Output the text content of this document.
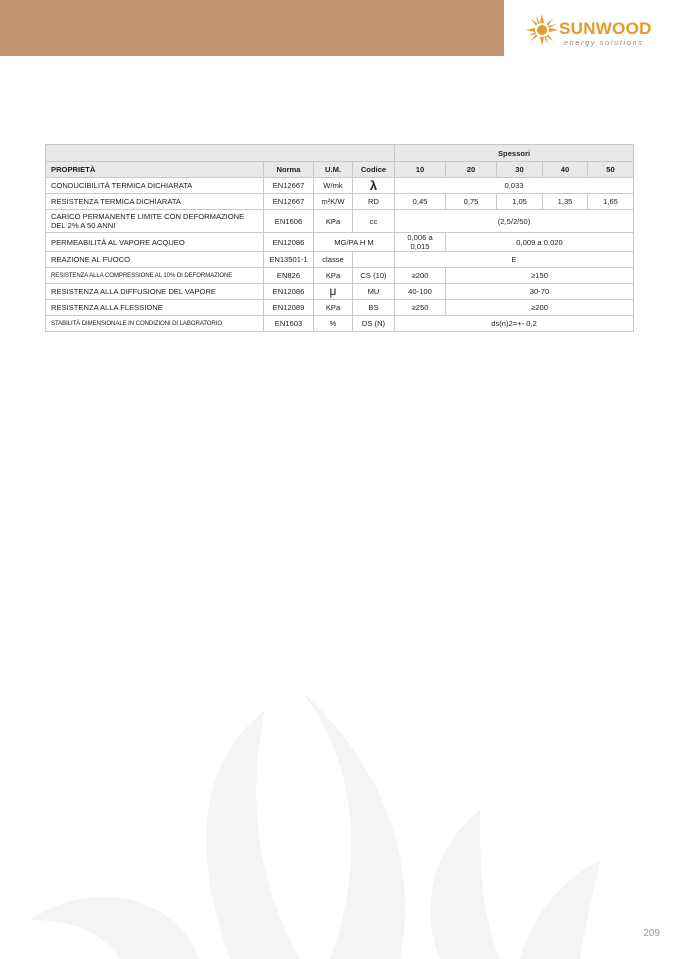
SUNWOOD
energy solutions
				Spessori				
PROPRIETÀ	Norma	U.M.	Codice	10	20	30	40	50
CONDUCIBILITÀ TERMICA DICHIARATA	EN12667	W/mk	λ	0,033				
RESISTENZA TERMICA DICHIARATA	EN12667	m²K/W	RD	0,45	0,75	1,05	1,35	1,65
CARICO PERMANENTE LIMITE CON DEFORMAZIONE DEL 2% A 50 ANNI	EN1606	KPa	cc	(2,5/2/50)				
PERMEABILITÀ AL VAPORE ACQUEO	EN12086	MG/PA H M		0,006 a 0,015	0,009 a 0,020			
REAZIONE AL FUOCO	EN13501-1	classe		E				
RESISTENZA ALLA COMPRESSIONE AL 10% DI DEFORMAZIONE	EN826	KPa	CS (10)	≥200	≥150			
RESISTENZA ALLA DIFFUSIONE DEL VAPORE	EN12086	μ	MU	40-100	30-70			
RESISTENZA ALLA FLESSIONE	EN12089	KPa	BS	≥250	≥200			
STABILITÀ DIMENSIONALE IN CONDIZIONI DI LABORATORIO	EN1603	%	DS (N)	ds(n)2=+- 0,2				
209
